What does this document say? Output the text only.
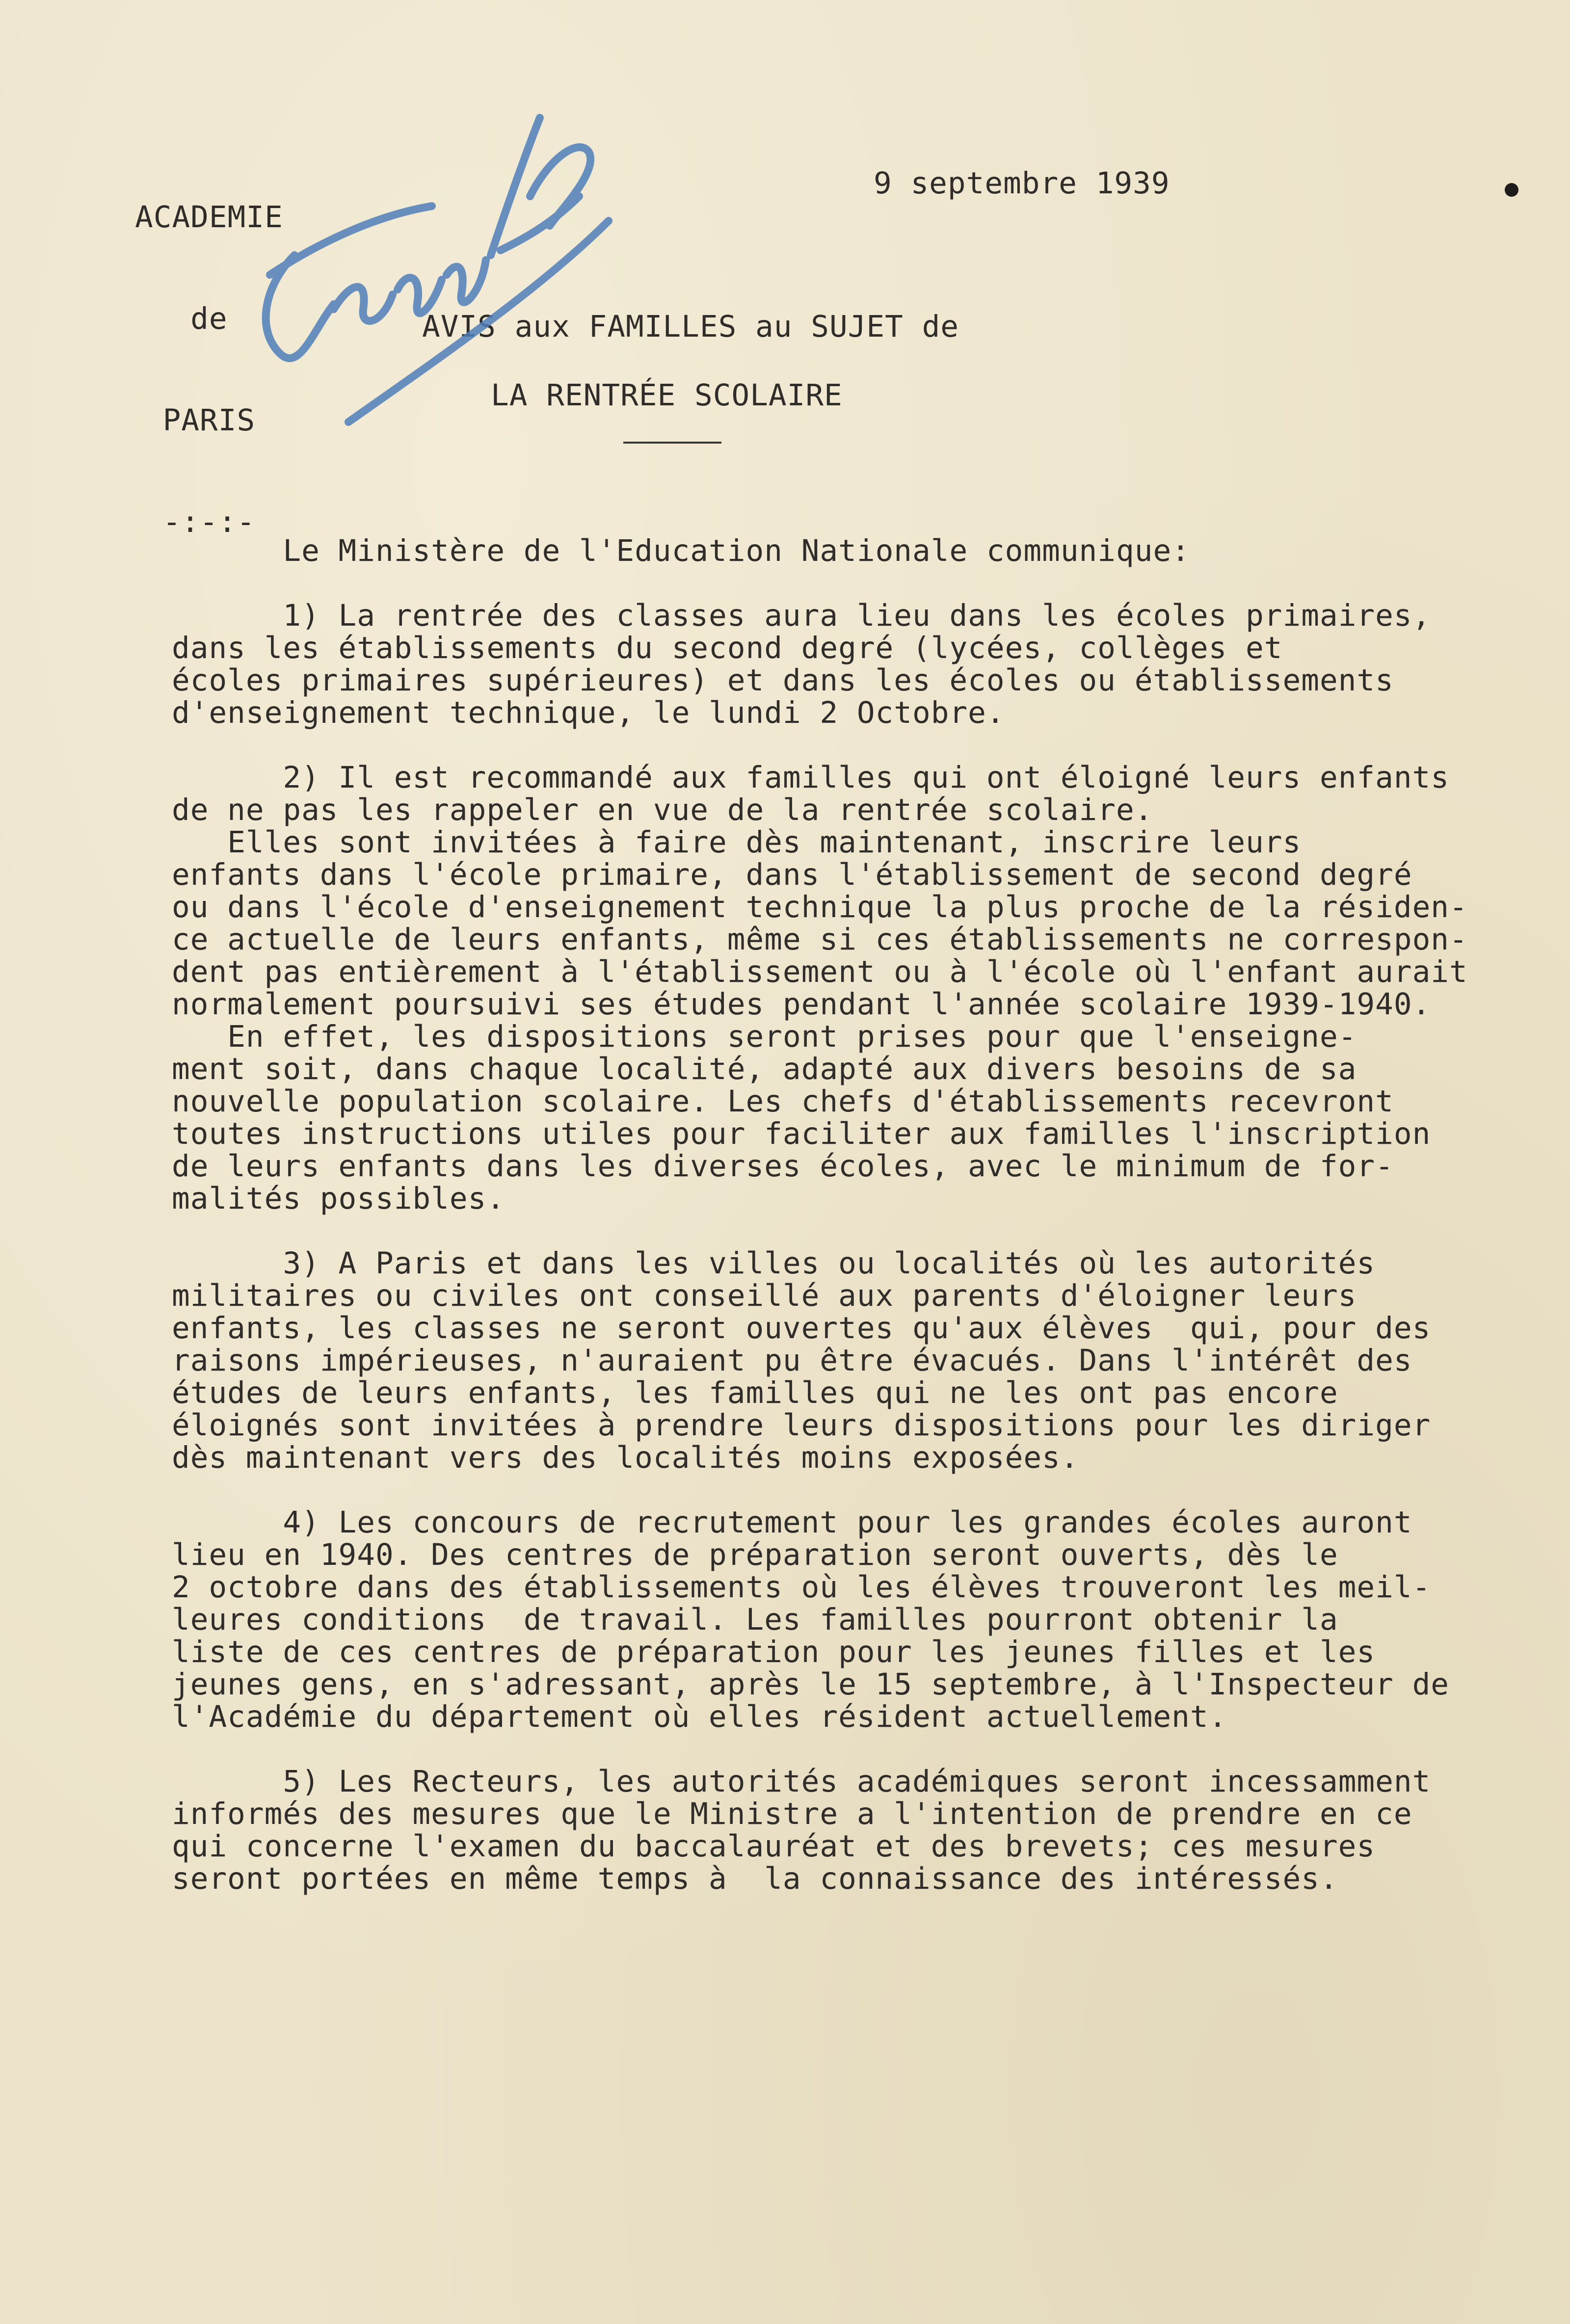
ACADEMIE

de

PARIS

-:-:-

9 septembre 1939
AVIS aux FAMILLES au SUJET de
LA RENTRÉE SCOLAIRE
Le Ministère de l'Education Nationale communique:
1) La rentrée des classes aura lieu dans les écoles primaires,
dans les établissements du second degré (lycées, collèges et
écoles primaires supérieures) et dans les écoles ou établissements
d'enseignement technique, le lundi 2 Octobre.
2) Il est recommandé aux familles qui ont éloigné leurs enfants
de ne pas les rappeler en vue de la rentrée scolaire.
Elles sont invitées à faire dès maintenant, inscrire leurs
enfants dans l'école primaire, dans l'établissement de second degré
ou dans l'école d'enseignement technique la plus proche de la résiden-
ce actuelle de leurs enfants, même si ces établissements ne correspon-
dent pas entièrement à l'établissement ou à l'école où l'enfant aurait
normalement poursuivi ses études pendant l'année scolaire 1939-1940.
En effet, les dispositions seront prises pour que l'enseigne-
ment soit, dans chaque localité, adapté aux divers besoins de sa
nouvelle population scolaire. Les chefs d'établissements recevront
toutes instructions utiles pour faciliter aux familles l'inscription
de leurs enfants dans les diverses écoles, avec le minimum de for-
malités possibles.
3) A Paris et dans les villes ou localités où les autorités
militaires ou civiles ont conseillé aux parents d'éloigner leurs
enfants, les classes ne seront ouvertes qu'aux élèves  qui, pour des
raisons impérieuses, n'auraient pu être évacués. Dans l'intérêt des
études de leurs enfants, les familles qui ne les ont pas encore
éloignés sont invitées à prendre leurs dispositions pour les diriger
dès maintenant vers des localités moins exposées.
4) Les concours de recrutement pour les grandes écoles auront
lieu en 1940. Des centres de préparation seront ouverts, dès le
2 octobre dans des établissements où les élèves trouveront les meil-
leures conditions  de travail. Les familles pourront obtenir la
liste de ces centres de préparation pour les jeunes filles et les
jeunes gens, en s'adressant, après le 15 septembre, à l'Inspecteur de
l'Académie du département où elles résident actuellement.
5) Les Recteurs, les autorités académiques seront incessamment
informés des mesures que le Ministre a l'intention de prendre en ce
qui concerne l'examen du baccalauréat et des brevets; ces mesures
seront portées en même temps à  la connaissance des intéressés.
